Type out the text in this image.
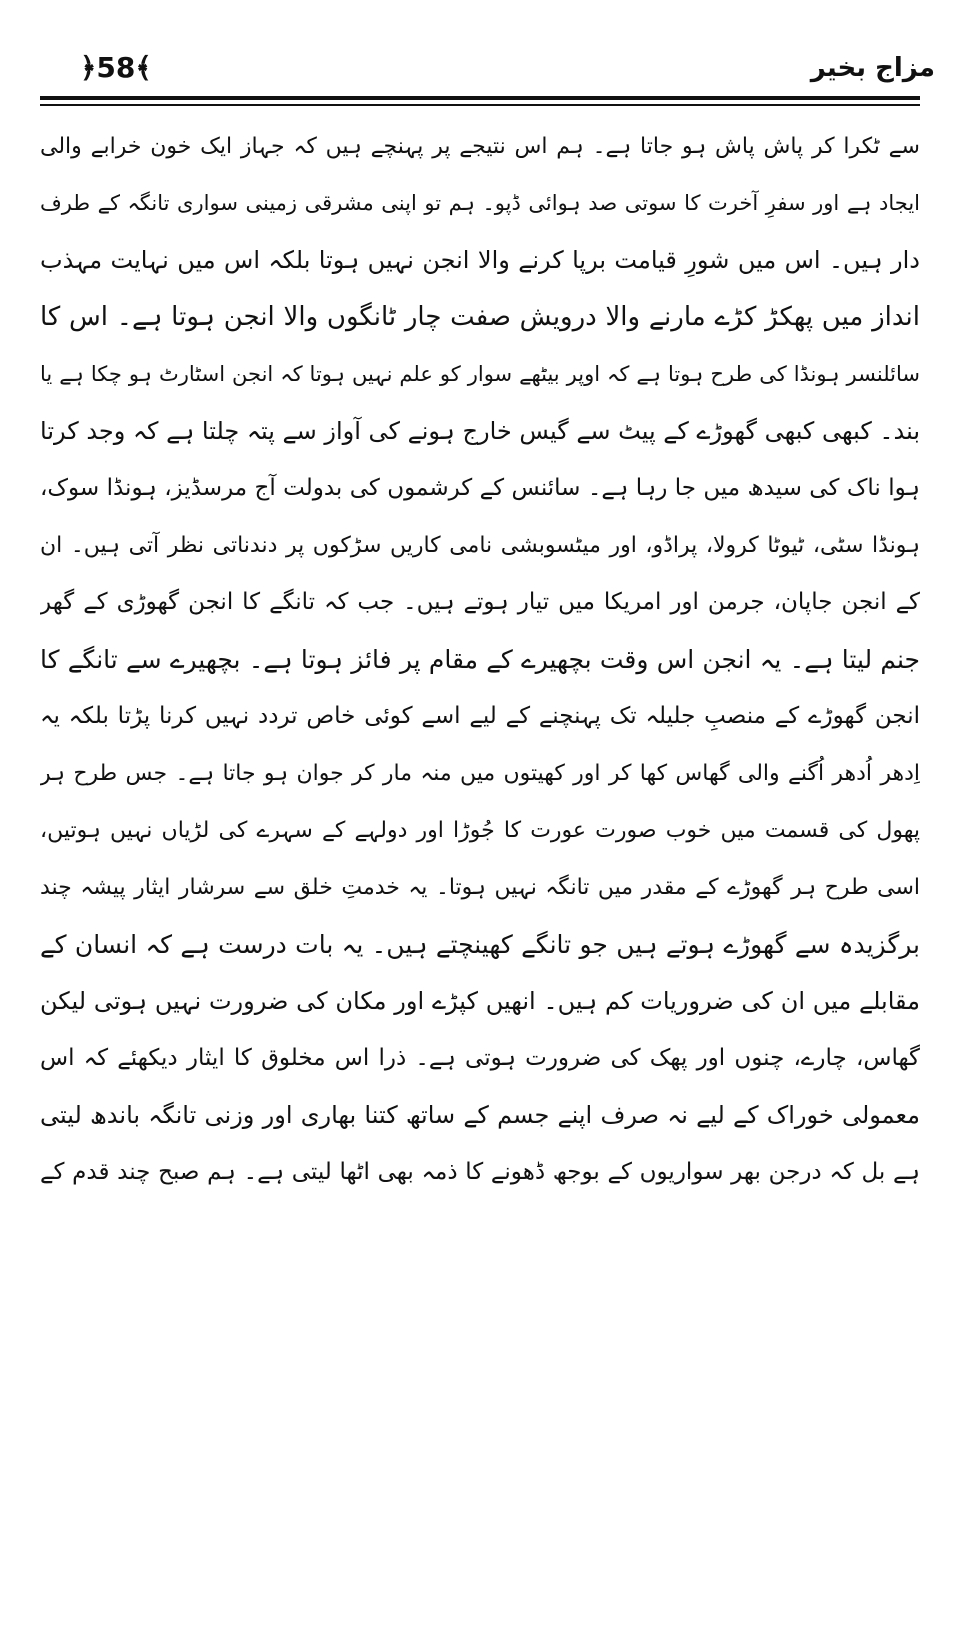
﴿58﴾	مزاج بخیر
سے ٹکرا کر پاش پاش ہو جاتا ہے۔ ہم اس نتیجے پر پہنچے ہیں کہ جہاز ایک خون خرابے والی
ایجاد ہے اور سفرِ آخرت کا سوتی صد ہوائی ڈپو۔ ہم تو اپنی مشرقی زمینی سواری تانگہ کے طرف
دار ہیں۔ اس میں شورِ قیامت برپا کرنے والا انجن نہیں ہوتا بلکہ اس میں نہایت مہذب
انداز میں پھکڑ کڑے مارنے والا درویش صفت چار ٹانگوں والا انجن ہوتا ہے۔ اس کا
سائلنسر ہونڈا کی طرح ہوتا ہے کہ اوپر بیٹھے سوار کو علم نہیں ہوتا کہ انجن اسٹارٹ ہو چکا ہے یا
بند۔ کبھی کبھی گھوڑے کے پیٹ سے گیس خارج ہونے کی آواز سے پتہ چلتا ہے کہ وجد کرتا
ہوا ناک کی سیدھ میں جا رہا ہے۔ سائنس کے کرشموں کی بدولت آج مرسڈیز، ہونڈا سوک،
ہونڈا سٹی، ٹیوٹا کرولا، پراڈو، اور میٹسوبشی نامی کاریں سڑکوں پر دندناتی نظر آتی ہیں۔ ان
کے انجن جاپان، جرمن اور امریکا میں تیار ہوتے ہیں۔ جب کہ تانگے کا انجن گھوڑی کے گھر
جنم لیتا ہے۔ یہ انجن اس وقت بچھیرے کے مقام پر فائز ہوتا ہے۔ بچھیرے سے تانگے کا
انجن گھوڑے کے منصبِ جلیلہ تک پہنچنے کے لیے اسے کوئی خاص تردد نہیں کرنا پڑتا بلکہ یہ
اِدھر اُدھر اُگنے والی گھاس کھا کر اور کھیتوں میں منہ مار کر جوان ہو جاتا ہے۔ جس طرح ہر
پھول کی قسمت میں خوب صورت عورت کا جُوڑا اور دولہے کے سہرے کی لڑیاں نہیں ہوتیں،
اسی طرح ہر گھوڑے کے مقدر میں تانگہ نہیں ہوتا۔ یہ خدمتِ خلق سے سرشار ایثار پیشہ چند
برگزیدہ سے گھوڑے ہوتے ہیں جو تانگے کھینچتے ہیں۔ یہ بات درست ہے کہ انسان کے
مقابلے میں ان کی ضروریات کم ہیں۔ انھیں کپڑے اور مکان کی ضرورت نہیں ہوتی لیکن
گھاس، چارے، چنوں اور پھک کی ضرورت ہوتی ہے۔ ذرا اس مخلوق کا ایثار دیکھئے کہ اس
معمولی خوراک کے لیے نہ صرف اپنے جسم کے ساتھ کتنا بھاری اور وزنی تانگہ باندھ لیتی
ہے بل کہ درجن بھر سواریوں کے بوجھ ڈھونے کا ذمہ بھی اٹھا لیتی ہے۔ ہم صبح چند قدم کے
